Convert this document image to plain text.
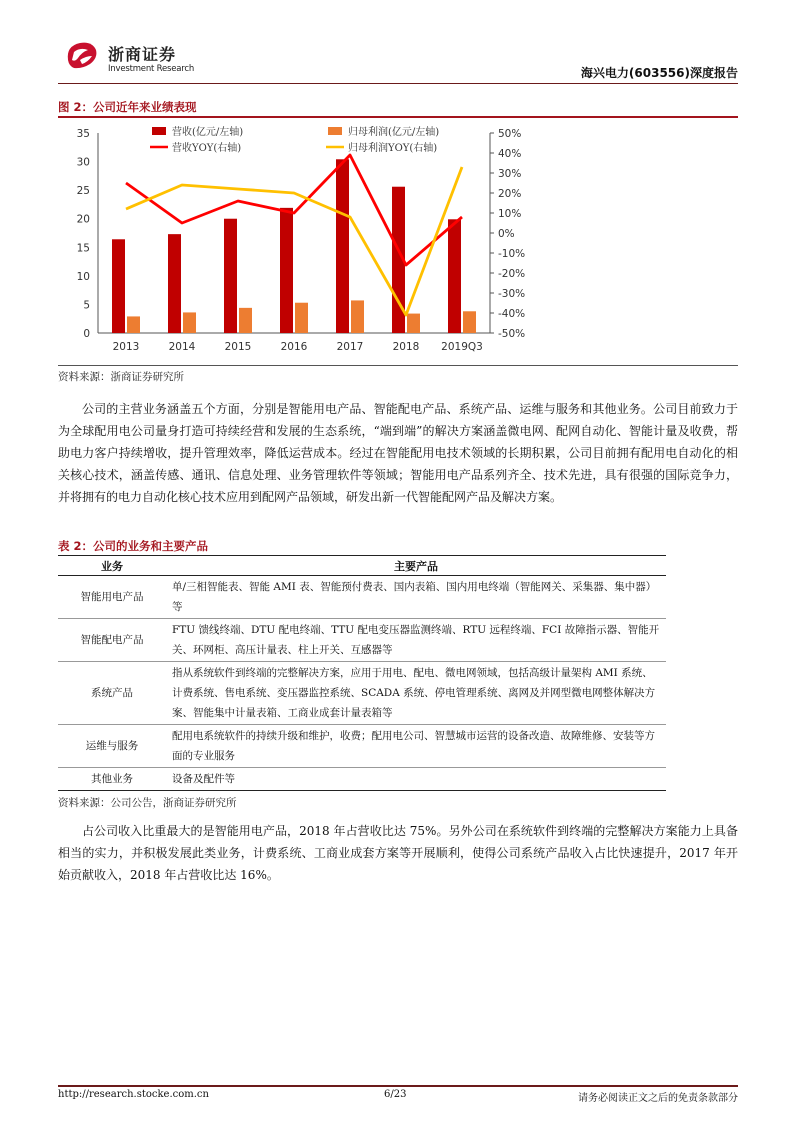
浙商证券
Investment Research	海兴电力(603556)深度报告
图 2：公司近年来业绩表现
0
5
10
15
20
25
30
35
-50%
-40%
-30%
-20%
-10%
0%
10%
20%
30%
40%
50%
2013	2014	2015	2016	2017	2018 2019Q3
营收(亿元/左轴)	归母利润(亿元/左轴)
营收YOY(右轴)	归母利润YOY(右轴)
资料来源：浙商证券研究所
公司的主营业务涵盖五个方面，分别是智能用电产品、智能配电产品、系统产品、运维与服务和其他业务。公司目前致力于为全球配用电公司量身打造可持续经营和发展的生态系统，“端到端”的解决方案涵盖微电网、配网自动化、智能计量及收费，帮助电力客户持续增收，提升管理效率，降低运营成本。经过在智能配用电技术领域的长期积累，公司目前拥有配用电自动化的相关核心技术，涵盖传感、通讯、信息处理、业务管理软件等领域；智能用电产品系列齐全、技术先进，具有很强的国际竞争力，并将拥有的电力自动化核心技术应用到配网产品领域，研发出新一代智能配网产品及解决方案。
表 2：公司的业务和主要产品
业务	主要产品
智能用电产品	单/三相智能表、智能 AMI 表、智能预付费表、国内表箱、国内用电终端（智能网关、采集器、集中器）等
智能配电产品	FTU 馈线终端、DTU 配电终端、TTU 配电变压器监测终端、RTU 远程终端、FCI 故障指示器、智能开关、环网柜、高压计量表、柱上开关、互感器等
系统产品	指从系统软件到终端的完整解决方案，应用于用电、配电、微电网领域，包括高级计量架构 AMI 系统、计费系统、售电系统、变压器监控系统、SCADA 系统、停电管理系统、离网及并网型微电网整体解决方案、智能集中计量表箱、工商业成套计量表箱等
运维与服务	配用电系统软件的持续升级和维护，收费；配用电公司、智慧城市运营的设备改造、故障维修、安装等方面的专业服务
其他业务	设备及配件等
资料来源：公司公告，浙商证券研究所
占公司收入比重最大的是智能用电产品，2018 年占营收比达 75%。另外公司在系统软件到终端的完整解决方案能力上具备相当的实力，并积极发展此类业务，计费系统、工商业成套方案等开展顺利，使得公司系统产品收入占比快速提升，2017 年开始贡献收入，2018 年占营收比达 16%。
http://research.stocke.com.cn	6/23	请务必阅读正文之后的免责条款部分
